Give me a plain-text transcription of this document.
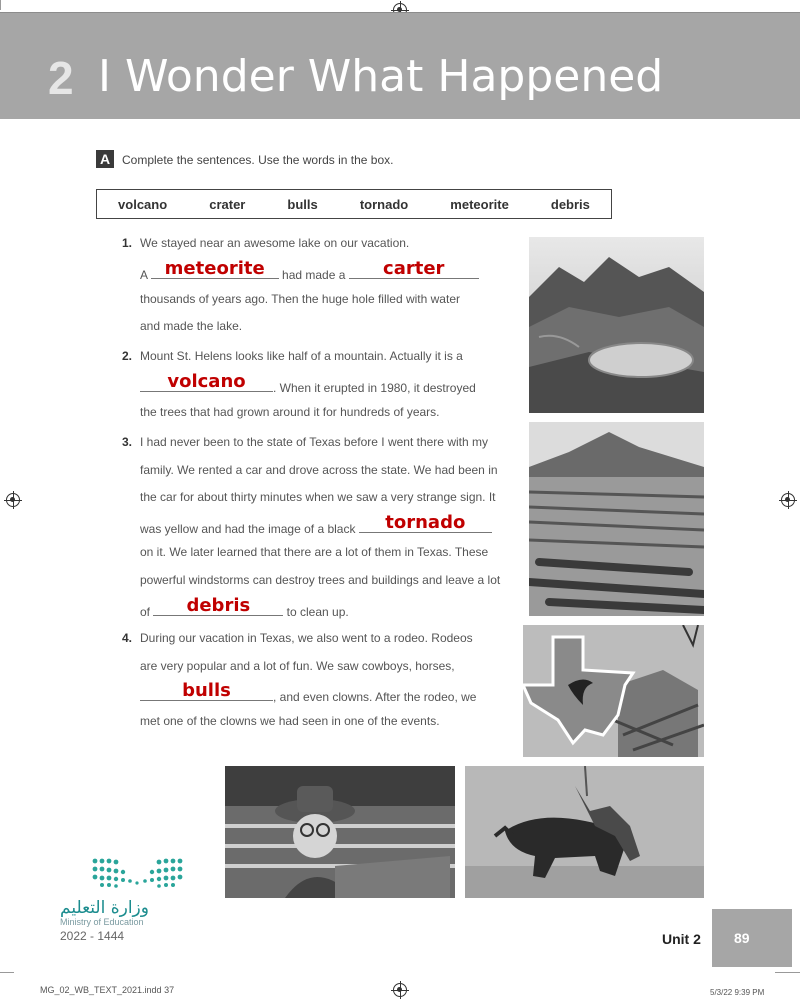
2 I Wonder What Happened
A Complete the sentences. Use the words in the box.
volcano	crater	bulls	tornado	meteorite	debris
1. We stayed near an awesome lake on our vacation.
A meteorite	had made a	carter
thousands of years ago. Then the huge hole filled with water
and made the lake.
2. Mount St. Helens looks like half of a mountain. Actually it is a
volcano	. When it erupted in 1980, it destroyed
the trees that had grown around it for hundreds of years.
3. I had never been to the state of Texas before I went there with my
family. We rented a car and drove across the state. We had been in
the car for about thirty minutes when we saw a very strange sign. It
was yellow and had the image of a black	tornado
on it. We later learned that there are a lot of them in Texas. These
powerful windstorms can destroy trees and buildings and leave a lot
of	debris	to clean up.
4. During our vacation in Texas, we also went to a rodeo. Rodeos
are very popular and a lot of fun. We saw cowboys, horses,
bulls	, and even clowns. After the rodeo, we
met one of the clowns we had seen in one of the events.
وزارة التعليم
Ministry of Education
2022 - 1444	Unit 2	89
MG_02_WB_TEXT_2021.indd 37	5/3/22 9:39 PM
